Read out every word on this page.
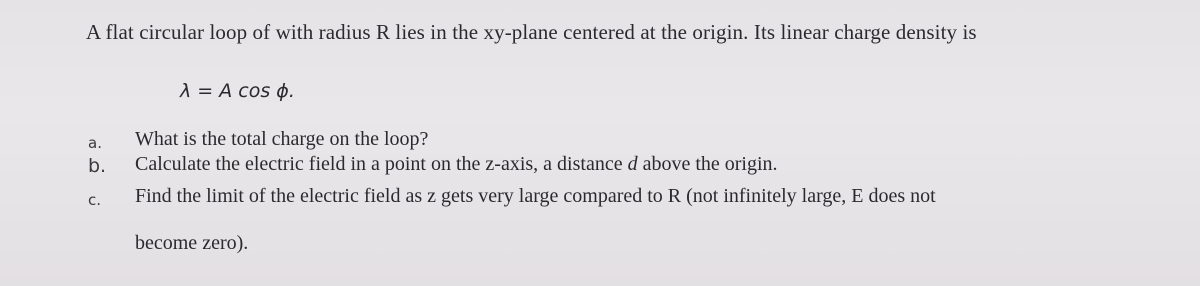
A flat circular loop of with radius R lies in the xy-plane centered at the origin. Its linear charge density is
λ = A cos ϕ.
a. What is the total charge on the loop?
b. Calculate the electric field in a point on the z-axis, a distance d above the origin.
c. Find the limit of the electric field as z gets very large compared to R (not infinitely large, E does not
become zero).
